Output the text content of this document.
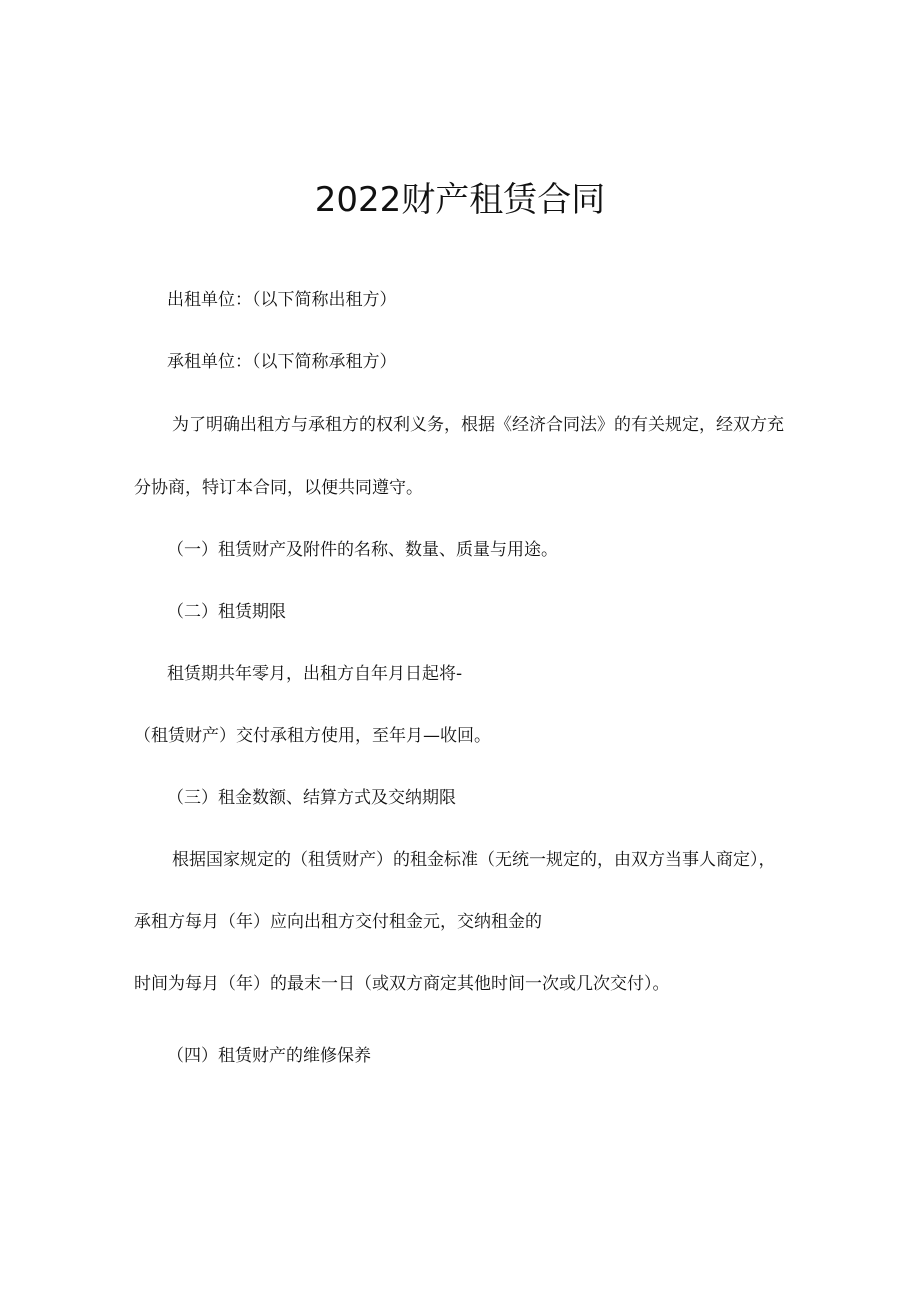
2022财产租赁合同
出租单位：（以下简称出租方）
承租单位：（以下简称承租方）
为了明确出租方与承租方的权利义务，根据《经济合同法》的有关规定，经双方充
分协商，特订本合同，以便共同遵守。
（一）租赁财产及附件的名称、数量、质量与用途。
（二）租赁期限
租赁期共年零月，出租方自年月日起将-
（租赁财产）交付承租方使用，至年月—收回。
（三）租金数额、结算方式及交纳期限
根据国家规定的（租赁财产）的租金标准（无统一规定的，由双方当事人商定），
承租方每月（年）应向出租方交付租金元，交纳租金的
时间为每月（年）的最末一日（或双方商定其他时间一次或几次交付）。
（四）租赁财产的维修保养
